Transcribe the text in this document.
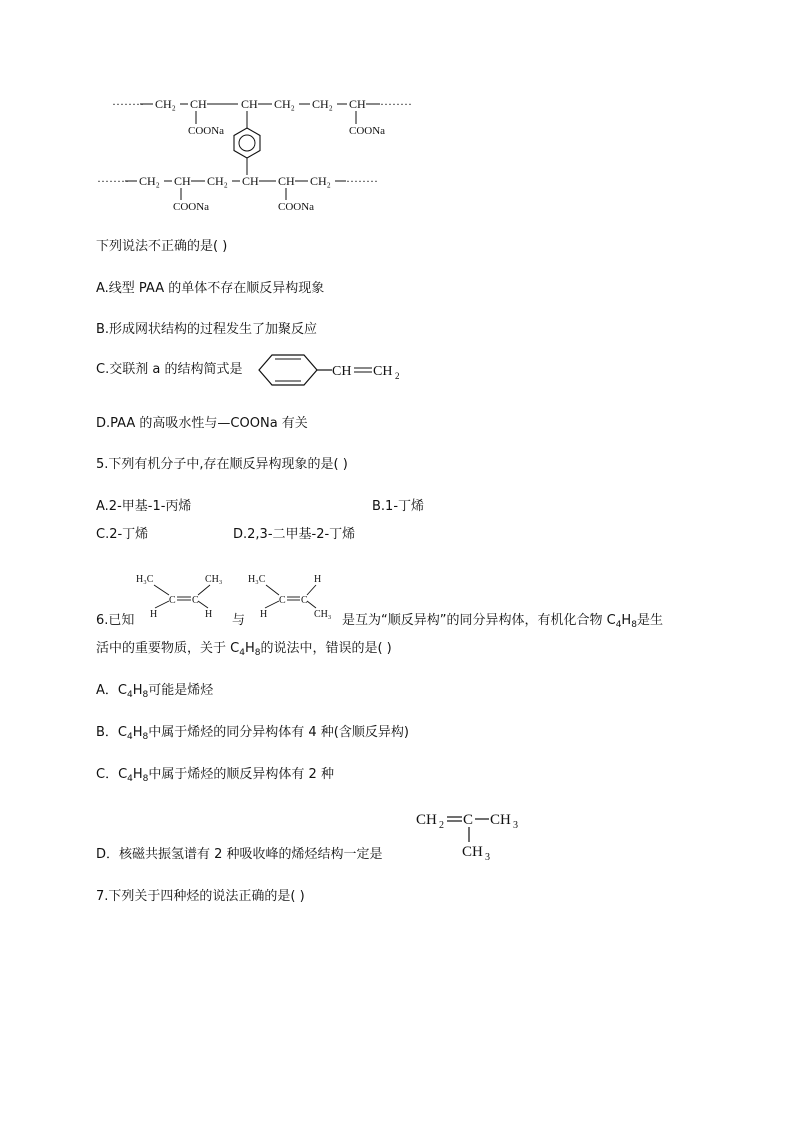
········ CH₂ CH	CH CH₂ CH₂ CH ········
COONa	COONa
········ CH₂ CH CH₂ CH CH CH₂ ········
COONa	COONa
下列说法不正确的是( )
A.线型 PAA 的单体不存在顺反异构现象
B.形成网状结构的过程发生了加聚反应
C.交联剂 a 的结构简式是	CH CH 2
D.PAA 的高吸水性与—COONa 有关
5.下列有机分子中,存在顺反异构现象的是( )
A.2-甲基-1-丙烯	B.1-丁烯
C.2-丁烯	D.2,3-二甲基-2-丁烯
6.已知
H₃C	CH₃
H	H
C C
与
H₃C	H
H	CH₃
C C
是互为“顺反异构”的同分异构体，有机化合物 $C_4H_8$是生
活中的重要物质，关于 $C_4H_8$的说法中，错误的是( )
A．$C_4H_8$可能是烯烃
B．$C_4H_8$中属于烯烃的同分异构体有 4 种(含顺反异构)
C．$C_4H_8$中属于烯烃的顺反异构体有 2 种
CH 2 C CH 3
CH 3
D．核磁共振氢谱有 2 种吸收峰的烯烃结构一定是
7.下列关于四种烃的说法正确的是( )
